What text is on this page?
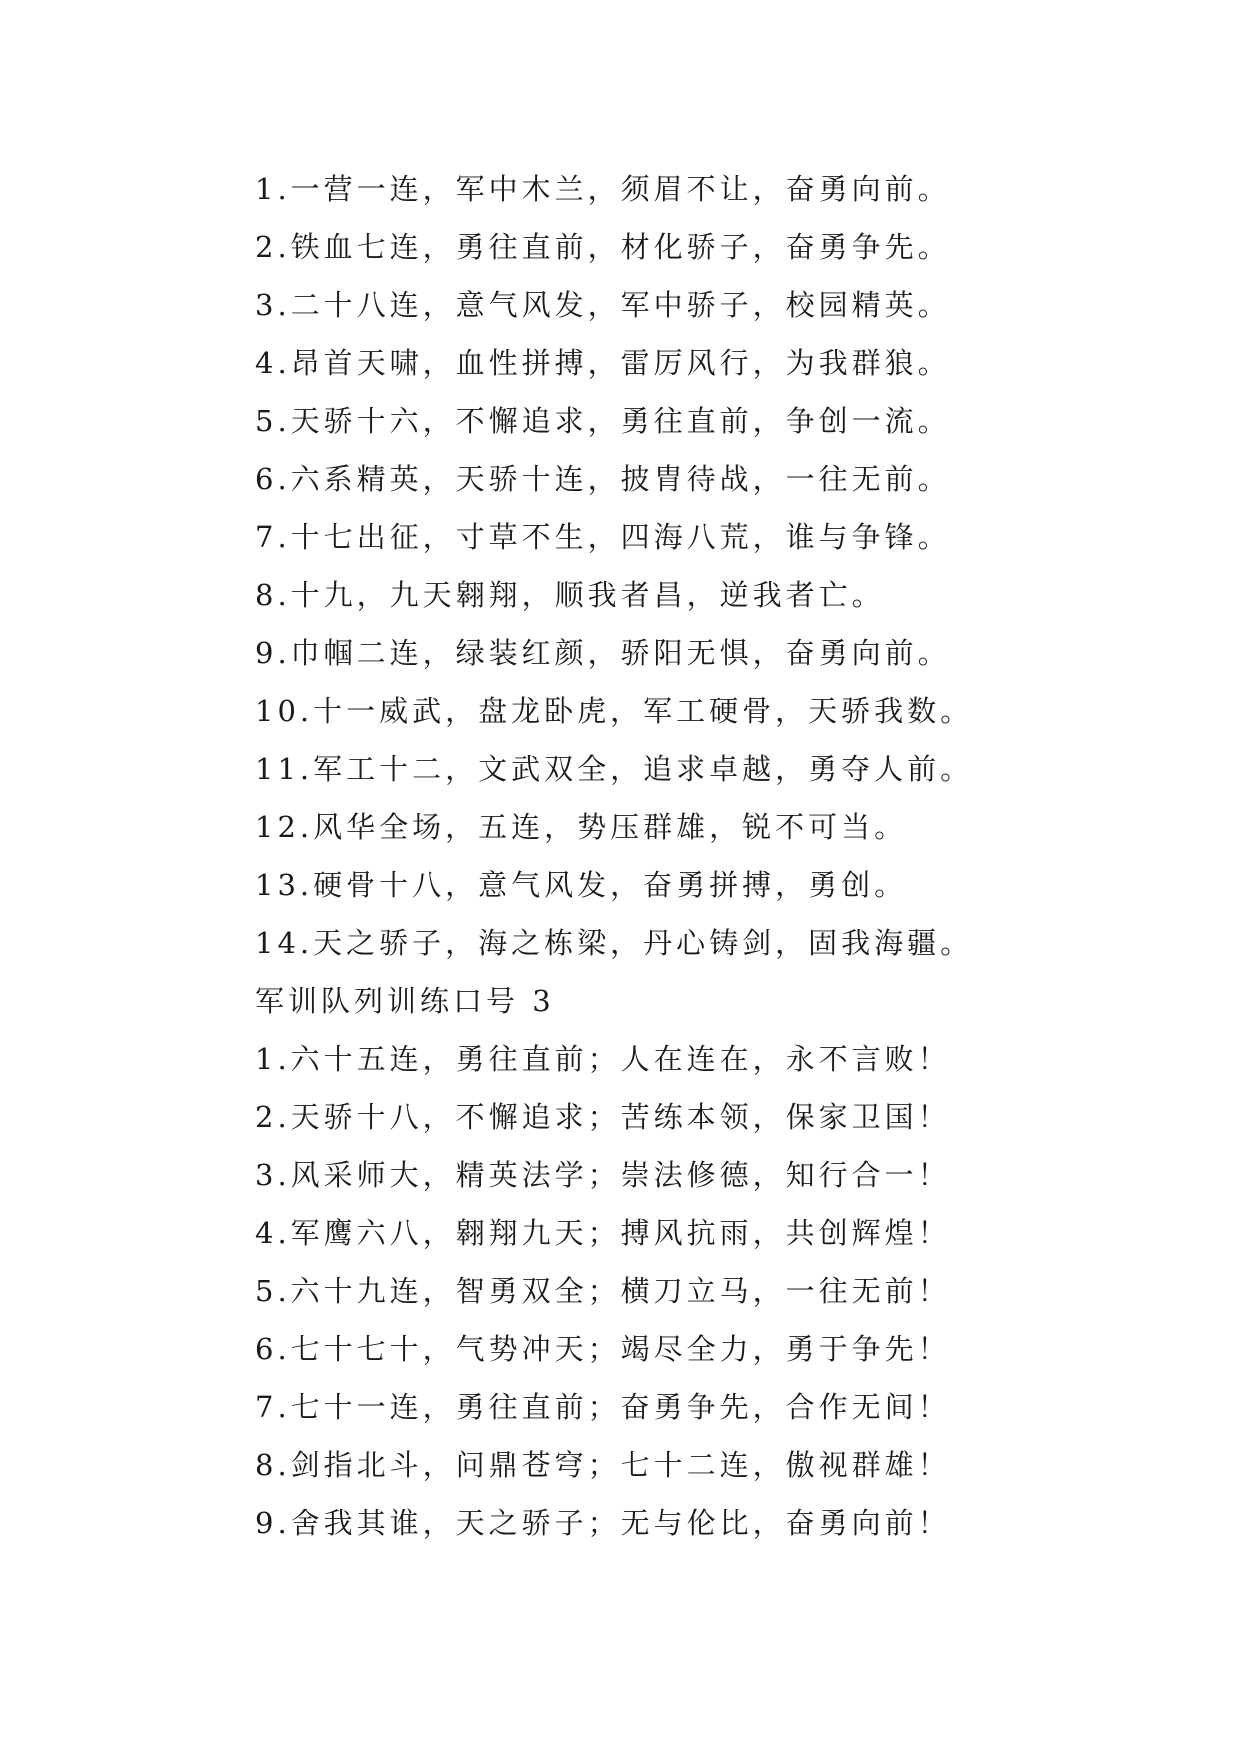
1.一营一连，军中木兰，须眉不让，奋勇向前。
2.铁血七连，勇往直前，材化骄子，奋勇争先。
3.二十八连，意气风发，军中骄子，校园精英。
4.昂首天啸，血性拼搏，雷厉风行，为我群狼。
5.天骄十六，不懈追求，勇往直前，争创一流。
6.六系精英，天骄十连，披胄待战，一往无前。
7.十七出征，寸草不生，四海八荒，谁与争锋。
8.十九，九天翱翔，顺我者昌，逆我者亡。
9.巾帼二连，绿装红颜，骄阳无惧，奋勇向前。
10.十一威武，盘龙卧虎，军工硬骨，天骄我数。
11.军工十二，文武双全，追求卓越，勇夺人前。
12.风华全场，五连，势压群雄，锐不可当。
13.硬骨十八，意气风发，奋勇拼搏，勇创。
14.天之骄子，海之栋梁，丹心铸剑，固我海疆。
军训队列训练口号 3
1.六十五连，勇往直前；人在连在，永不言败！
2.天骄十八，不懈追求；苦练本领，保家卫国！
3.风采师大，精英法学；崇法修德，知行合一！
4.军鹰六八，翱翔九天；搏风抗雨，共创辉煌！
5.六十九连，智勇双全；横刀立马，一往无前！
6.七十七十，气势冲天；竭尽全力，勇于争先！
7.七十一连，勇往直前；奋勇争先，合作无间！
8.剑指北斗，问鼎苍穹；七十二连，傲视群雄！
9.舍我其谁，天之骄子；无与伦比，奋勇向前！
